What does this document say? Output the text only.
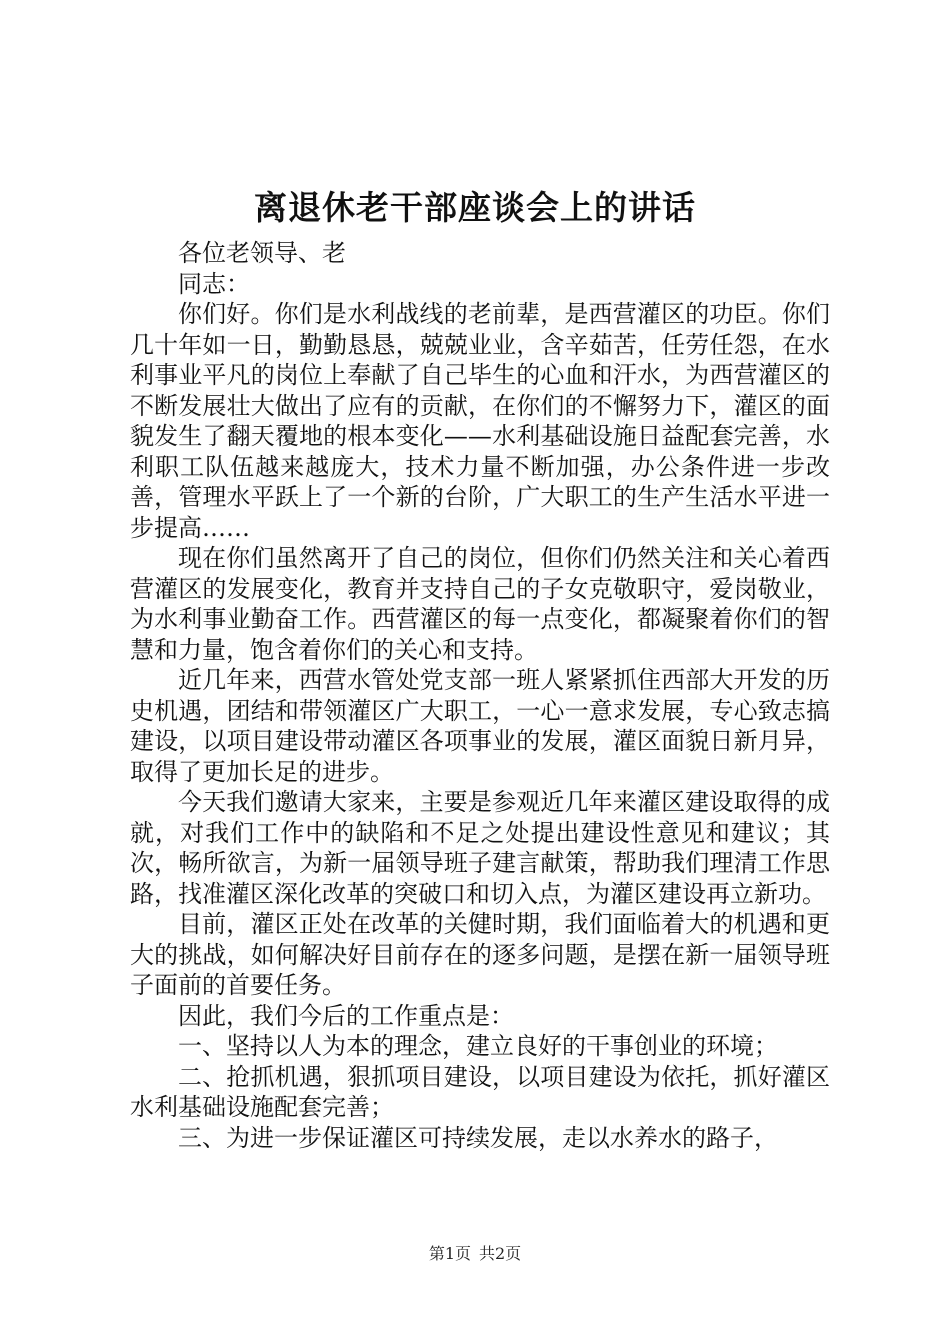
离退休老干部座谈会上的讲话

各位老领导、老

同志：

你们好。你们是水利战线的老前辈，是西营灌区的功臣。你们几十年如一日，勤勤恳恳，兢兢业业，含辛茹苦，任劳任怨，在水利事业平凡的岗位上奉献了自己毕生的心血和汗水，为西营灌区的不断发展壮大做出了应有的贡献，在你们的不懈努力下，灌区的面貌发生了翻天覆地的根本变化——水利基础设施日益配套完善，水利职工队伍越来越庞大，技术力量不断加强，办公条件进一步改善，管理水平跃上了一个新的台阶，广大职工的生产生活水平进一步提高……

现在你们虽然离开了自己的岗位，但你们仍然关注和关心着西营灌区的发展变化，教育并支持自己的子女克敬职守，爱岗敬业，为水利事业勤奋工作。西营灌区的每一点变化，都凝聚着你们的智慧和力量，饱含着你们的关心和支持。

近几年来，西营水管处党支部一班人紧紧抓住西部大开发的历史机遇，团结和带领灌区广大职工，一心一意求发展，专心致志搞建设，以项目建设带动灌区各项事业的发展，灌区面貌日新月异，取得了更加长足的进步。

今天我们邀请大家来，主要是参观近几年来灌区建设取得的成就，对我们工作中的缺陷和不足之处提出建设性意见和建议；其次，畅所欲言，为新一届领导班子建言献策，帮助我们理清工作思路，找准灌区深化改革的突破口和切入点，为灌区建设再立新功。

目前，灌区正处在改革的关健时期，我们面临着大的机遇和更大的挑战，如何解决好目前存在的逐多问题，是摆在新一届领导班子面前的首要任务。

因此，我们今后的工作重点是：

一、坚持以人为本的理念，建立良好的干事创业的环境；

二、抢抓机遇，狠抓项目建设，以项目建设为依托，抓好灌区水利基础设施配套完善；

三、为进一步保证灌区可持续发展，走以水养水的路子，

第1页 共2页
